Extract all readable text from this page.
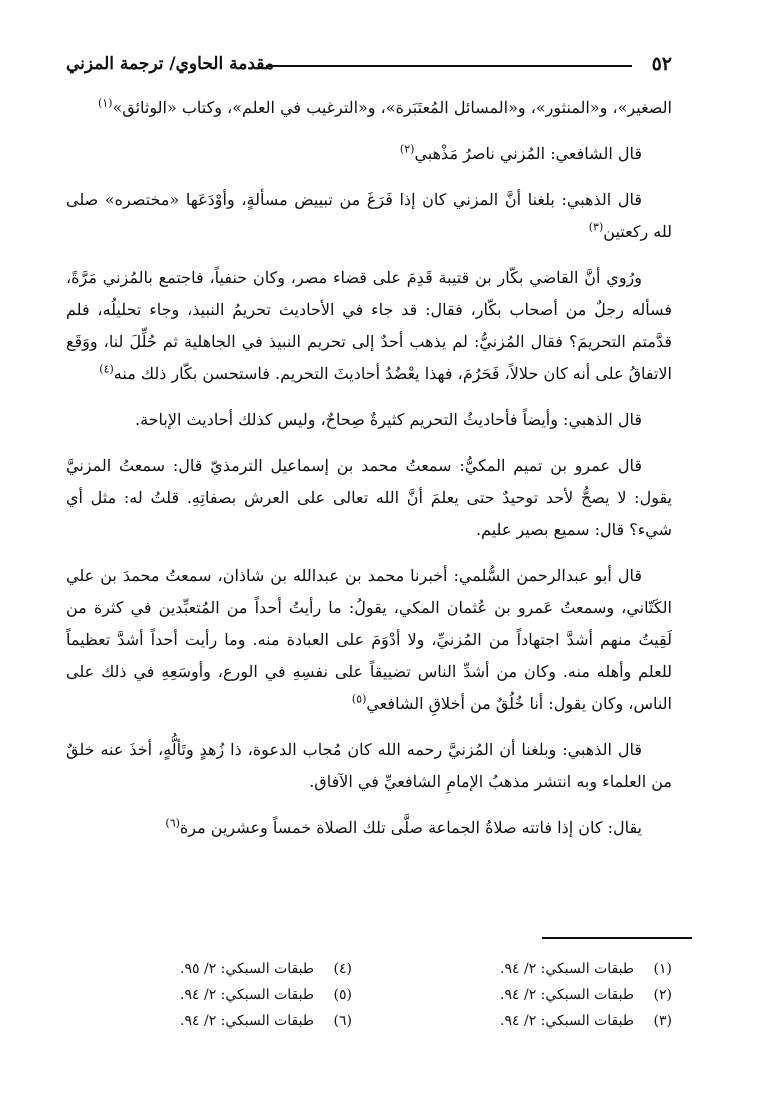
٥٢
مقدمة الحاوي/ ترجمة المزني

الصغير»، و«المنثور»، و«المسائل المُعتَبَرة»، و«الترغيب في العلم»، وكتاب «الوثائق»$^{(١)}$

قال الشافعي: المُزني ناصرُ مَذْهبي$^{(٢)}$

قال الذهبي: بلغنا أنَّ المزني كان إذا فَرَغَ من تبييض مسألةٍ، وأوْدَعَها «مختصره» صلى لله ركعتين$^{(٣)}$

ورُوي أنَّ القاضي بكّار بن قتيبة قَدِمَ على قضاء مصر، وكان حنفياً، فاجتمع بالمُزني مَرَّةً، فسأله رجلٌ من أصحاب بكّار، فقال: قد جاء في الأحاديث تحريمُ النبيذ، وجاء تحليلُه، فلم قدَّمتم التحريمَ؟ فقال المُزنيُّ: لم يذهب أحدٌ إلى تحريم النبيذ في الجاهلية ثم حُلِّلَ لنا، ووَقَع الاتفاقُ على أنه كان حلالاً، فَحَرُمَ، فهذا يعْضُدُ أحاديثَ التحريم. فاستحسن بكّار ذلك منه$^{(٤)}$

قال الذهبي: وأيضاً فأحاديثُ التحريم كثيرةٌ صِحاحٌ، وليس كذلك أحاديث الإباحة.

قال عمرو بن تميم المكيُّ: سمعتُ محمد بن إسماعيل الترمذيّ قال: سمعتُ المزنيَّ يقول: لا يصحُّ لأحد توحيدٌ حتى يعلمَ أنَّ الله تعالى على العرش بصفاتِهِ. قلتُ له: مثل أي شيء؟ قال: سميع بصير عليم.

قال أبو عبدالرحمن السُّلمي: أخبرنا محمد بن عبدالله بن شاذان، سمعتُ محمدَ بن علي الكَتّاني، وسمعتُ عَمرو بن عُثمان المكي، يقولُ: ما رأيتُ أحداً من المُتعبِّدين في كثرة من لَقِيتُ منهم أشدَّ اجتهاداً من المُزنيِّ، ولا أدْوَمَ على العبادة منه. وما رأيت أحداً أشدَّ تعظيماً للعلم وأهله منه. وكان من أشدِّ الناس تضييقاً على نفسِهِ في الورع، وأوسَعِهِ في ذلك على الناس، وكان يقول: أنا خُلُقٌ من أخلاقِ الشافعي$^{(٥)}$

قال الذهبي: وبلغنا أن المُزنيَّ رحمه الله كان مُجاب الدعوة، ذا زُهدٍ وتَألُّهٍ، أخذَ عنه خلقٌ من العلماء وبه انتشر مذهبُ الإمامِ الشافعيِّ في الآفاق.

يقال: كان إذا فاتته صلاةُ الجماعة صلَّى تلك الصلاة خمساً وعشرين مرة$^{(٦)}$

(١)طبقات السبكي: ٢/ ٩٤.
(٢)طبقات السبكي: ٢/ ٩٤.
(٣)طبقات السبكي: ٢/ ٩٤.
(٤)طبقات السبكي: ٢/ ٩٥.
(٥)طبقات السبكي: ٢/ ٩٤.
(٦)طبقات السبكي: ٢/ ٩٤.
